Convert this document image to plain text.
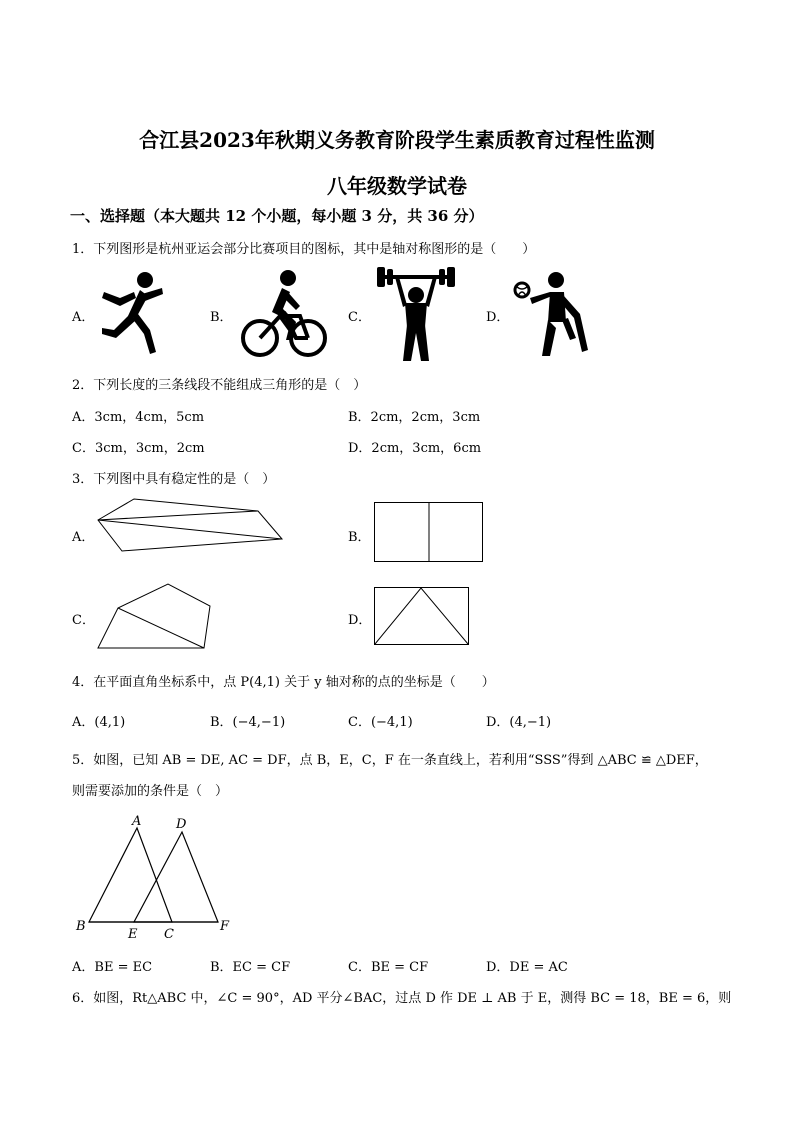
合江县2023年秋期义务教育阶段学生素质教育过程性监测
八年级数学试卷
一、选择题（本大题共 12 个小题，每小题 3 分，共 36 分）
1．下列图形是杭州亚运会部分比赛项目的图标，其中是轴对称图形的是（　　）
A．	B．	C．	D．
2．下列长度的三条线段不能组成三角形的是（　）
A．3cm，4cm，5cm	B．2cm，2cm，3cm
C．3cm，3cm，2cm	D．2cm，3cm，6cm
3．下列图中具有稳定性的是（　）
A．	B．
C．	D．
4．在平面直角坐标系中，点 P(4,1) 关于 y 轴对称的点的坐标是（　　）
A．(4,1)	B．(−4,−1)	C．(−4,1)	D．(4,−1)
5．如图，已知 AB = DE, AC = DF，点 B，E，C，F 在一条直线上，若利用“SSS”得到 △ABC ≌ △DEF，
则需要添加的条件是（　）
A	D
B
E C
F
A．BE = EC	B．EC = CF	C．BE = CF	D．DE = AC
6．如图，Rt△ABC 中，∠C = 90°，AD 平分∠BAC，过点 D 作 DE ⊥ AB 于 E，测得 BC = 18，BE = 6，则
